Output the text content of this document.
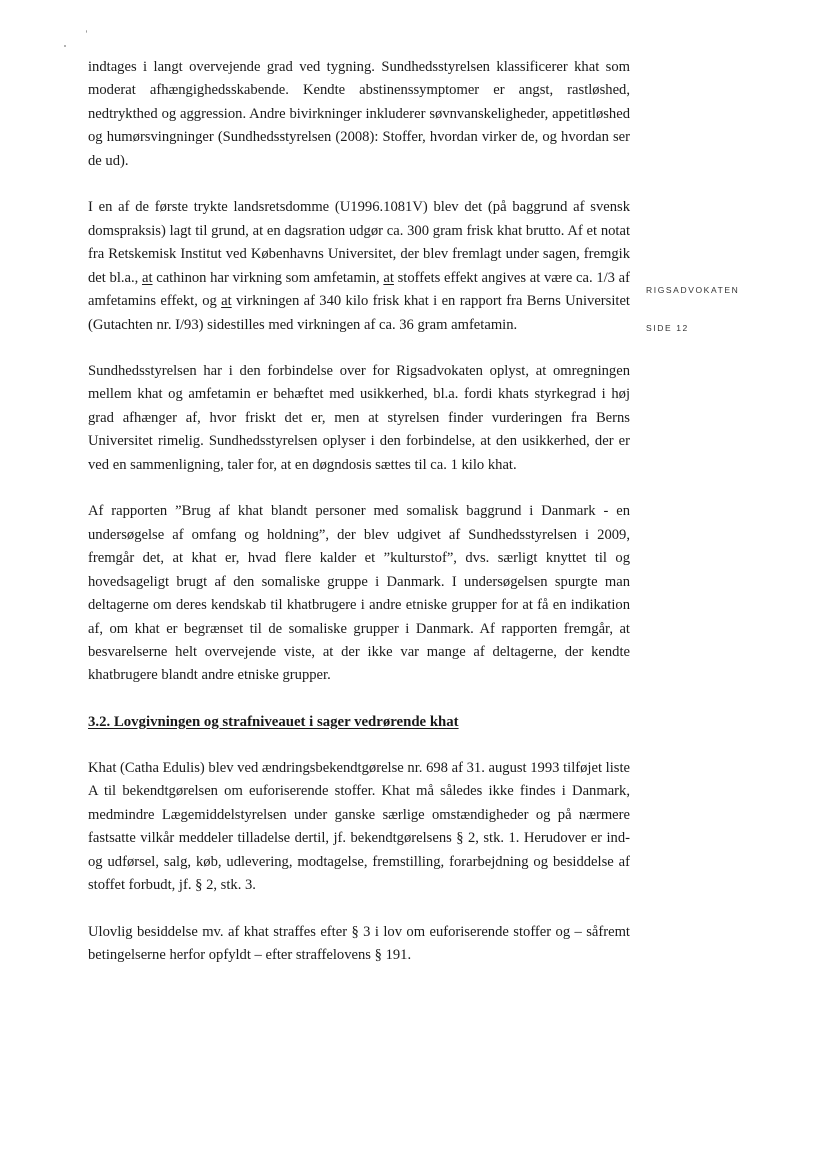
RIGSADVOKATEN
SIDE 12

indtages i langt overvejende grad ved tygning. Sundhedsstyrelsen klassificerer khat som moderat afhængighedsskabende. Kendte abstinenssymptomer er angst, rastløshed, nedtrykthed og aggression. Andre bivirkninger inkluderer søvnvanskeligheder, appetitløshed og humørsvingninger (Sundhedsstyrelsen (2008): Stoffer, hvordan virker de, og hvordan ser de ud).

I en af de første trykte landsretsdomme (U1996.1081V) blev det (på baggrund af svensk domspraksis) lagt til grund, at en dagsration udgør ca. 300 gram frisk khat brutto. Af et notat fra Retskemisk Institut ved Københavns Universitet, der blev fremlagt under sagen, fremgik det bl.a., at cathinon har virkning som amfetamin, at stoffets effekt angives at være ca. 1/3 af amfetamins effekt, og at virkningen af 340 kilo frisk khat i en rapport fra Berns Universitet (Gutachten nr. I/93) sidestilles med virkningen af ca. 36 gram amfetamin.

Sundhedsstyrelsen har i den forbindelse over for Rigsadvokaten oplyst, at omregningen mellem khat og amfetamin er behæftet med usikkerhed, bl.a. fordi khats styrkegrad i høj grad afhænger af, hvor friskt det er, men at styrelsen finder vurderingen fra Berns Universitet rimelig. Sundhedsstyrelsen oplyser i den forbindelse, at den usikkerhed, der er ved en sammenligning, taler for, at en døgndosis sættes til ca. 1 kilo khat.

Af rapporten ”Brug af khat blandt personer med somalisk baggrund i Danmark - en undersøgelse af omfang og holdning”, der blev udgivet af Sundhedsstyrelsen i 2009, fremgår det, at khat er, hvad flere kalder et ”kulturstof”, dvs. særligt knyttet til og hovedsageligt brugt af den somaliske gruppe i Danmark. I undersøgelsen spurgte man deltagerne om deres kendskab til khatbrugere i andre etniske grupper for at få en indikation af, om khat er begrænset til de somaliske grupper i Danmark. Af rapporten fremgår, at besvarelserne helt overvejende viste, at der ikke var mange af deltagerne, der kendte khatbrugere blandt andre etniske grupper.

3.2. Lovgivningen og strafniveauet i sager vedrørende khat

Khat (Catha Edulis) blev ved ændringsbekendtgørelse nr. 698 af 31. august 1993 tilføjet liste A til bekendtgørelsen om euforiserende stoffer. Khat må således ikke findes i Danmark, medmindre Lægemiddelstyrelsen under ganske særlige omstændigheder og på nærmere fastsatte vilkår meddeler tilladelse dertil, jf. bekendtgørelsens § 2, stk. 1. Herudover er ind- og udførsel, salg, køb, udlevering, modtagelse, fremstilling, forarbejdning og besiddelse af stoffet forbudt, jf. § 2, stk. 3.

Ulovlig besiddelse mv. af khat straffes efter § 3 i lov om euforiserende stoffer og – såfremt betingelserne herfor opfyldt – efter straffelovens § 191.
